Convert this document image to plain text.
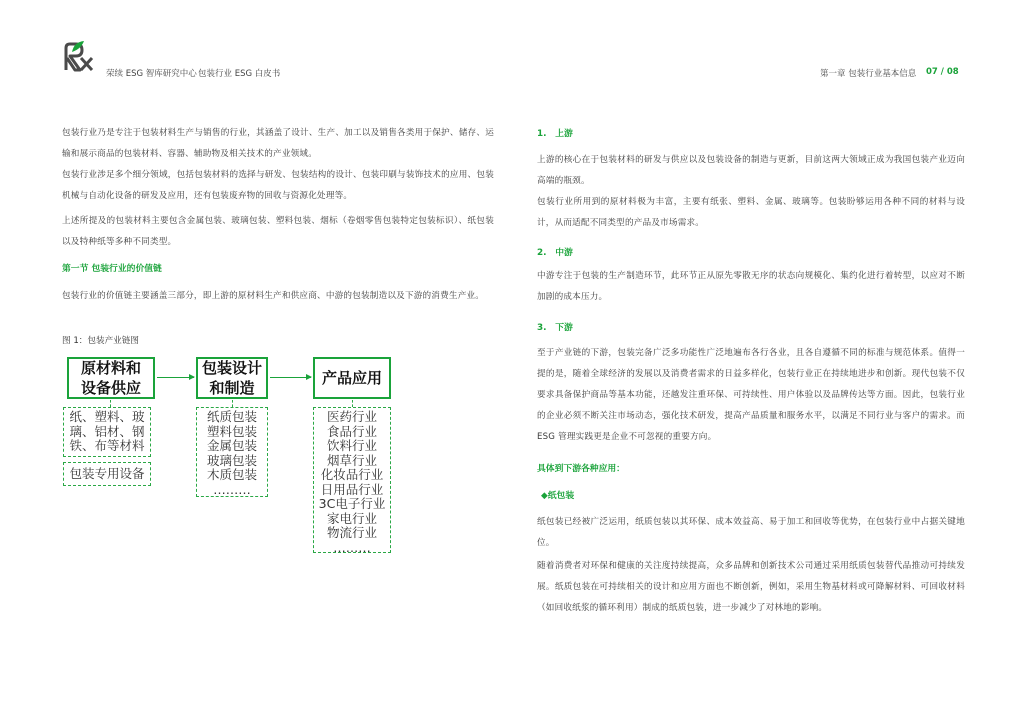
荣续 ESG 智库研究中心 包装行业 ESG 白皮书	第一章 包装行业基本信息 07 / 08
包装行业乃是专注于包装材料生产与销售的行业，其涵盖了设计、生产、加工以及销售各类用于保护、储存、运输和展示商品的包装材料、容器、辅助物及相关技术的产业领域。
包装行业涉足多个细分领域，包括包装材料的选择与研发、包装结构的设计、包装印刷与装饰技术的应用、包装机械与自动化设备的研发及应用，还有包装废弃物的回收与资源化处理等。
上述所提及的包装材料主要包含金属包装、玻璃包装、塑料包装、烟标（卷烟零售包装特定包装标识）、纸包装以及特种纸等多种不同类型。
第一节 包装行业的价值链
包装行业的价值链主要涵盖三部分，即上游的原材料生产和供应商、中游的包装制造以及下游的消费生产业。
图 1：包装产业链图
原材料和
设备供应
包装设计
和制造
产品应用
纸、塑料、玻
璃、铝材、钢
铁、布等材料
包装专用设备
纸质包装
塑料包装
金属包装
玻璃包装
木质包装
………
医药行业
食品行业
饮料行业
烟草行业
化妆品行业
日用品行业
3C电子行业
家电行业
物流行业
………
1.　上游
上游的核心在于包装材料的研发与供应以及包装设备的制造与更新，目前这两大领域正成为我国包装产业迈向高端的瓶颈。
包装行业所用到的原材料极为丰富，主要有纸张、塑料、金属、玻璃等。包装盼够运用各种不同的材料与设计，从而适配不同类型的产品及市场需求。
2.　中游
中游专注于包装的生产制造环节，此环节正从原先零散无序的状态向规模化、集约化进行着转型，以应对不断加剧的成本压力。
3.　下游
至于产业链的下游，包装完备广泛多功能性广泛地遍布各行各业，且各自遵循不同的标准与规范体系。值得一提的是，随着全球经济的发展以及消费者需求的日益多样化，包装行业正在持续地进步和创新。现代包装不仅要求具备保护商品等基本功能，还越发注重环保、可持续性、用户体验以及品牌传达等方面。因此，包装行业的企业必须不断关注市场动态，强化技术研发，提高产品质量和服务水平，以满足不同行业与客户的需求。而 ESG 管理实践更是企业不可忽视的重要方向。
具体到下游各种应用：
◆纸包装
纸包装已经被广泛运用，纸质包装以其环保、成本效益高、易于加工和回收等优势，在包装行业中占据关键地位。
随着消费者对环保和健康的关注度持续提高，众多品牌和创新技术公司通过采用纸质包装替代品推动可持续发展。纸质包装在可持续相关的设计和应用方面也不断创新，例如，采用生物基材料或可降解材料、可回收材料（如回收纸浆的循环利用）制成的纸质包装，进一步减少了对林地的影响。
